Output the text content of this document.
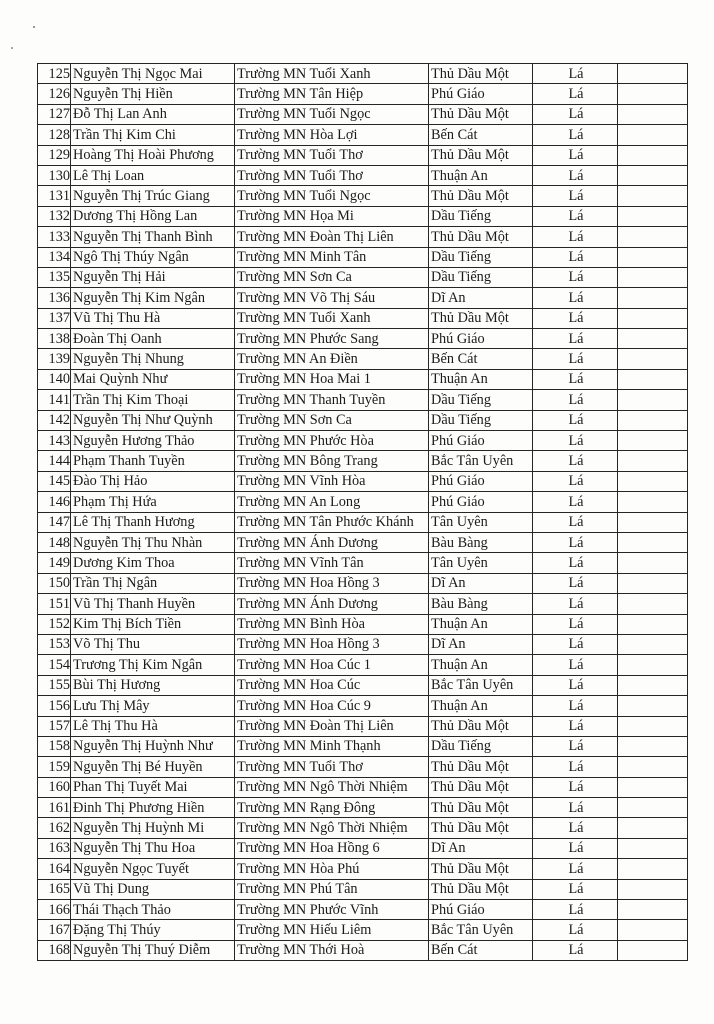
125	Nguyễn Thị Ngọc Mai	Trường MN Tuổi Xanh	Thủ Dầu Một	Lá	
126	Nguyễn Thị Hiền	Trường MN Tân Hiệp	Phú Giáo	Lá	
127	Đỗ Thị Lan Anh	Trường MN Tuổi Ngọc	Thủ Dầu Một	Lá	
128	Trần Thị Kim Chi	Trường MN Hòa Lợi	Bến Cát	Lá	
129	Hoàng Thị Hoài Phương	Trường MN Tuổi Thơ	Thủ Dầu Một	Lá	
130	Lê Thị Loan	Trường MN Tuổi Thơ	Thuận An	Lá	
131	Nguyễn Thị Trúc Giang	Trường MN Tuổi Ngọc	Thủ Dầu Một	Lá	
132	Dương Thị Hồng Lan	Trường MN Họa Mi	Dầu Tiếng	Lá	
133	Nguyễn Thị Thanh Bình	Trường MN Đoàn Thị Liên	Thủ Dầu Một	Lá	
134	Ngô Thị Thúy Ngân	Trường MN Minh Tân	Dầu Tiếng	Lá	
135	Nguyễn Thị Hải	Trường MN Sơn Ca	Dầu Tiếng	Lá	
136	Nguyễn Thị Kim Ngân	Trường MN Võ Thị Sáu	Dĩ An	Lá	
137	Vũ Thị Thu Hà	Trường MN Tuổi Xanh	Thủ Dầu Một	Lá	
138	Đoàn Thị Oanh	Trường MN Phước Sang	Phú Giáo	Lá	
139	Nguyễn Thị Nhung	Trường MN An Điền	Bến Cát	Lá	
140	Mai Quỳnh Như	Trường MN Hoa Mai 1	Thuận An	Lá	
141	Trần Thị Kim Thoại	Trường MN Thanh Tuyền	Dầu Tiếng	Lá	
142	Nguyễn Thị Như Quỳnh	Trường MN Sơn Ca	Dầu Tiếng	Lá	
143	Nguyễn Hương Thảo	Trường MN Phước Hòa	Phú Giáo	Lá	
144	Phạm Thanh Tuyền	Trường MN Bông Trang	Bắc Tân Uyên	Lá	
145	Đào Thị Hảo	Trường MN Vĩnh Hòa	Phú Giáo	Lá	
146	Phạm Thị Hứa	Trường MN An Long	Phú Giáo	Lá	
147	Lê Thị Thanh Hương	Trường MN Tân Phước Khánh	Tân Uyên	Lá	
148	Nguyễn Thị Thu Nhàn	Trường MN Ánh Dương	Bàu Bàng	Lá	
149	Dương Kim Thoa	Trường MN Vĩnh Tân	Tân Uyên	Lá	
150	Trần Thị Ngân	Trường MN Hoa Hồng 3	Dĩ An	Lá	
151	Vũ Thị Thanh Huyền	Trường MN Ánh Dương	Bàu Bàng	Lá	
152	Kim Thị Bích Tiền	Trường MN Bình Hòa	Thuận An	Lá	
153	Võ Thị Thu	Trường MN Hoa Hồng 3	Dĩ An	Lá	
154	Trương Thị Kim Ngân	Trường MN Hoa Cúc 1	Thuận An	Lá	
155	Bùi Thị Hương	Trường MN Hoa Cúc	Bắc Tân Uyên	Lá	
156	Lưu Thị Mây	Trường MN Hoa Cúc 9	Thuận An	Lá	
157	Lê Thị Thu Hà	Trường MN Đoàn Thị Liên	Thủ Dầu Một	Lá	
158	Nguyễn Thị Huỳnh Như	Trường MN Minh Thạnh	Dầu Tiếng	Lá	
159	Nguyễn Thị Bé Huyền	Trường MN Tuổi Thơ	Thủ Dầu Một	Lá	
160	Phan Thị Tuyết Mai	Trường MN Ngô Thời Nhiệm	Thủ Dầu Một	Lá	
161	Đinh Thị Phương Hiền	Trường MN Rạng Đông	Thủ Dầu Một	Lá	
162	Nguyễn Thị Huỳnh Mi	Trường MN Ngô Thời Nhiệm	Thủ Dầu Một	Lá	
163	Nguyễn Thị Thu Hoa	Trường MN Hoa Hồng 6	Dĩ An	Lá	
164	Nguyễn Ngọc Tuyết	Trường MN Hòa Phú	Thủ Dầu Một	Lá	
165	Vũ Thị Dung	Trường MN Phú Tân	Thủ Dầu Một	Lá	
166	Thái Thạch Thảo	Trường MN Phước Vĩnh	Phú Giáo	Lá	
167	Đặng Thị Thúy	Trường MN Hiếu Liêm	Bắc Tân Uyên	Lá	
168	Nguyễn Thị Thuý Diễm	Trường MN Thới Hoà	Bến Cát	Lá	
